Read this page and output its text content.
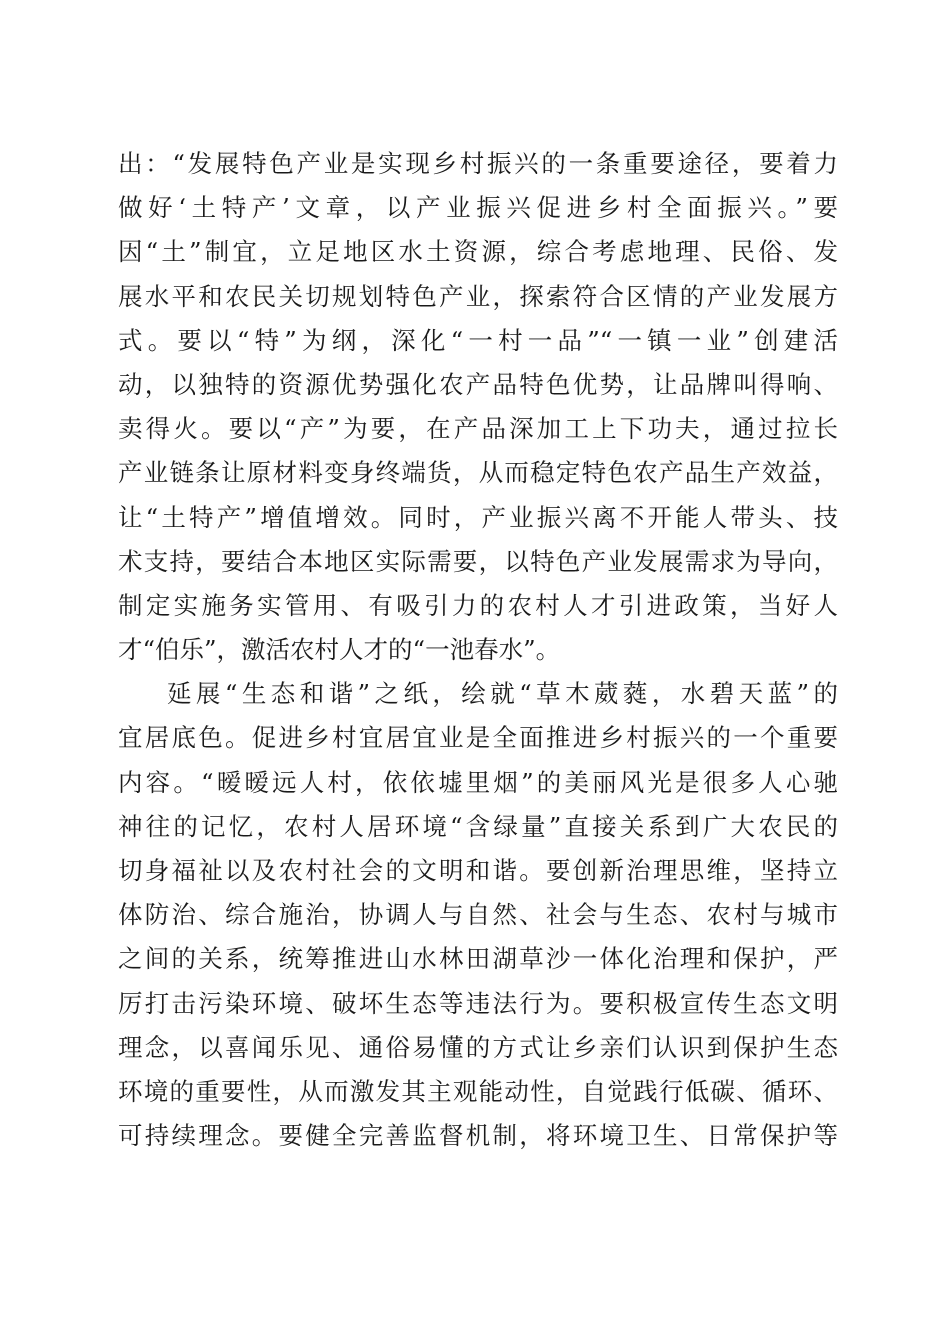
出：“发展特色产业是实现乡村振兴的一条重要途径，要着力
做好‘土特产’文章，以产业振兴促进乡村全面振兴。”要
因“土”制宜，立足地区水土资源，综合考虑地理、民俗、发
展水平和农民关切规划特色产业，探索符合区情的产业发展方
式。要以“特”为纲，深化“一村一品”“一镇一业”创建活
动，以独特的资源优势强化农产品特色优势，让品牌叫得响、
卖得火。要以“产”为要，在产品深加工上下功夫，通过拉长
产业链条让原材料变身终端货，从而稳定特色农产品生产效益，
让“土特产”增值增效。同时，产业振兴离不开能人带头、技
术支持，要结合本地区实际需要，以特色产业发展需求为导向，
制定实施务实管用、有吸引力的农村人才引进政策，当好人
才“伯乐”，激活农村人才的“一池春水”。
延展“生态和谐”之纸，绘就“草木葳蕤，水碧天蓝”的
宜居底色。促进乡村宜居宜业是全面推进乡村振兴的一个重要
内容。“暧暧远人村，依依墟里烟”的美丽风光是很多人心驰
神往的记忆，农村人居环境“含绿量”直接关系到广大农民的
切身福祉以及农村社会的文明和谐。要创新治理思维，坚持立
体防治、综合施治，协调人与自然、社会与生态、农村与城市
之间的关系，统筹推进山水林田湖草沙一体化治理和保护，严
厉打击污染环境、破坏生态等违法行为。要积极宣传生态文明
理念，以喜闻乐见、通俗易懂的方式让乡亲们认识到保护生态
环境的重要性，从而激发其主观能动性，自觉践行低碳、循环、
可持续理念。要健全完善监督机制，将环境卫生、日常保护等
